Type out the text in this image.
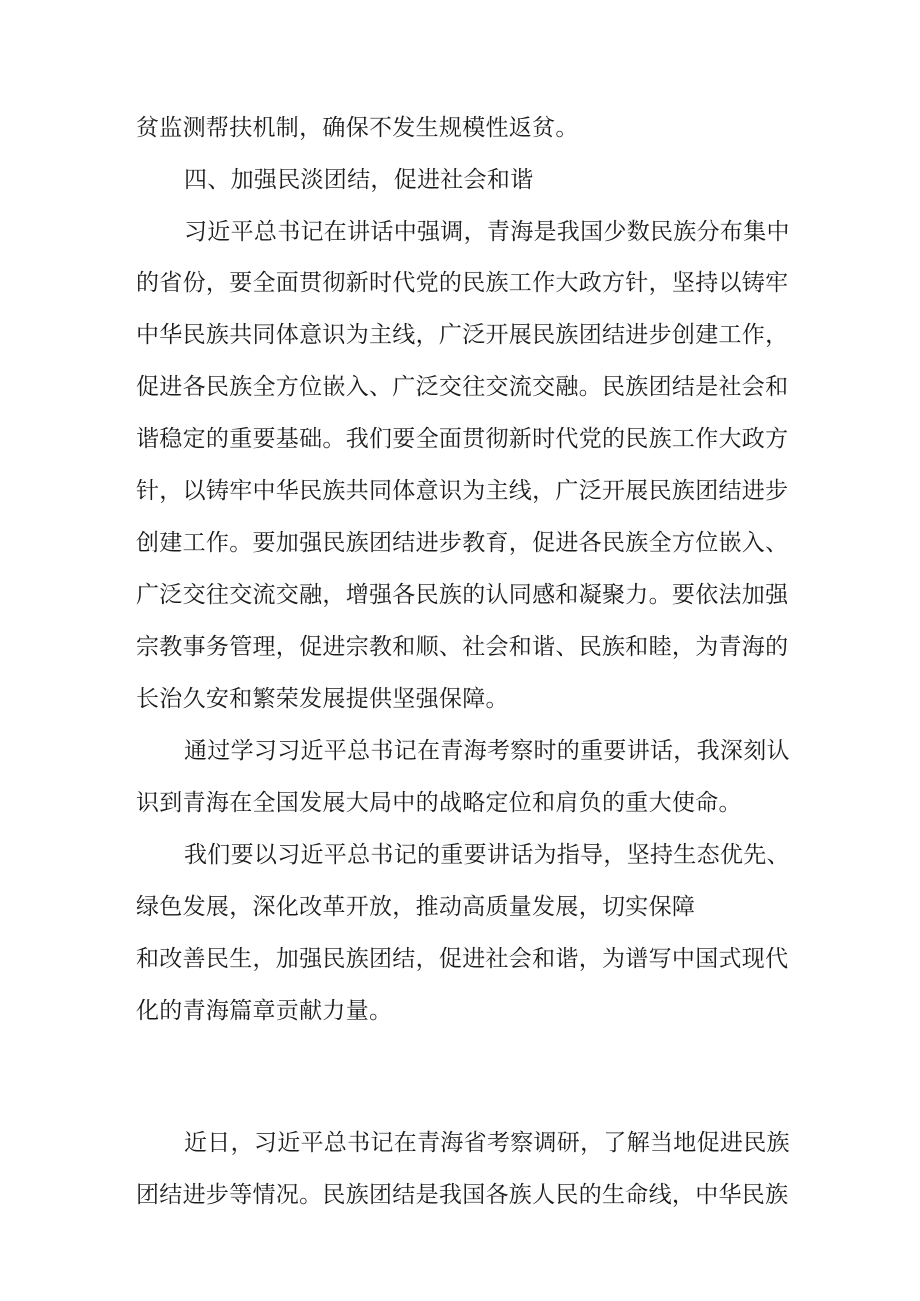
贫监测帮扶机制，确保不发生规模性返贫。
四、加强民淡团结，促进社会和谐
习近平总书记在讲话中强调，青海是我国少数民族分布集中
的省份，要全面贯彻新时代党的民族工作大政方针，坚持以铸牢
中华民族共同体意识为主线，广泛开展民族团结进步创建工作，
促进各民族全方位嵌入、广泛交往交流交融。民族团结是社会和
谐稳定的重要基础。我们要全面贯彻新时代党的民族工作大政方
针，以铸牢中华民族共同体意识为主线，广泛开展民族团结进步
创建工作。要加强民族团结进步教育，促进各民族全方位嵌入、
广泛交往交流交融，增强各民族的认同感和凝聚力。要依法加强
宗教事务管理，促进宗教和顺、社会和谐、民族和睦，为青海的
长治久安和繁荣发展提供坚强保障。
通过学习习近平总书记在青海考察时的重要讲话，我深刻认
识到青海在全国发展大局中的战略定位和肩负的重大使命。
我们要以习近平总书记的重要讲话为指导，坚持生态优先、
绿色发展，深化改革开放，推动高质量发展，切实保障
和改善民生，加强民族团结，促进社会和谐，为谱写中国式现代
化的青海篇章贡献力量。
近日，习近平总书记在青海省考察调研，了解当地促进民族
团结进步等情况。民族团结是我国各族人民的生命线，中华民族
